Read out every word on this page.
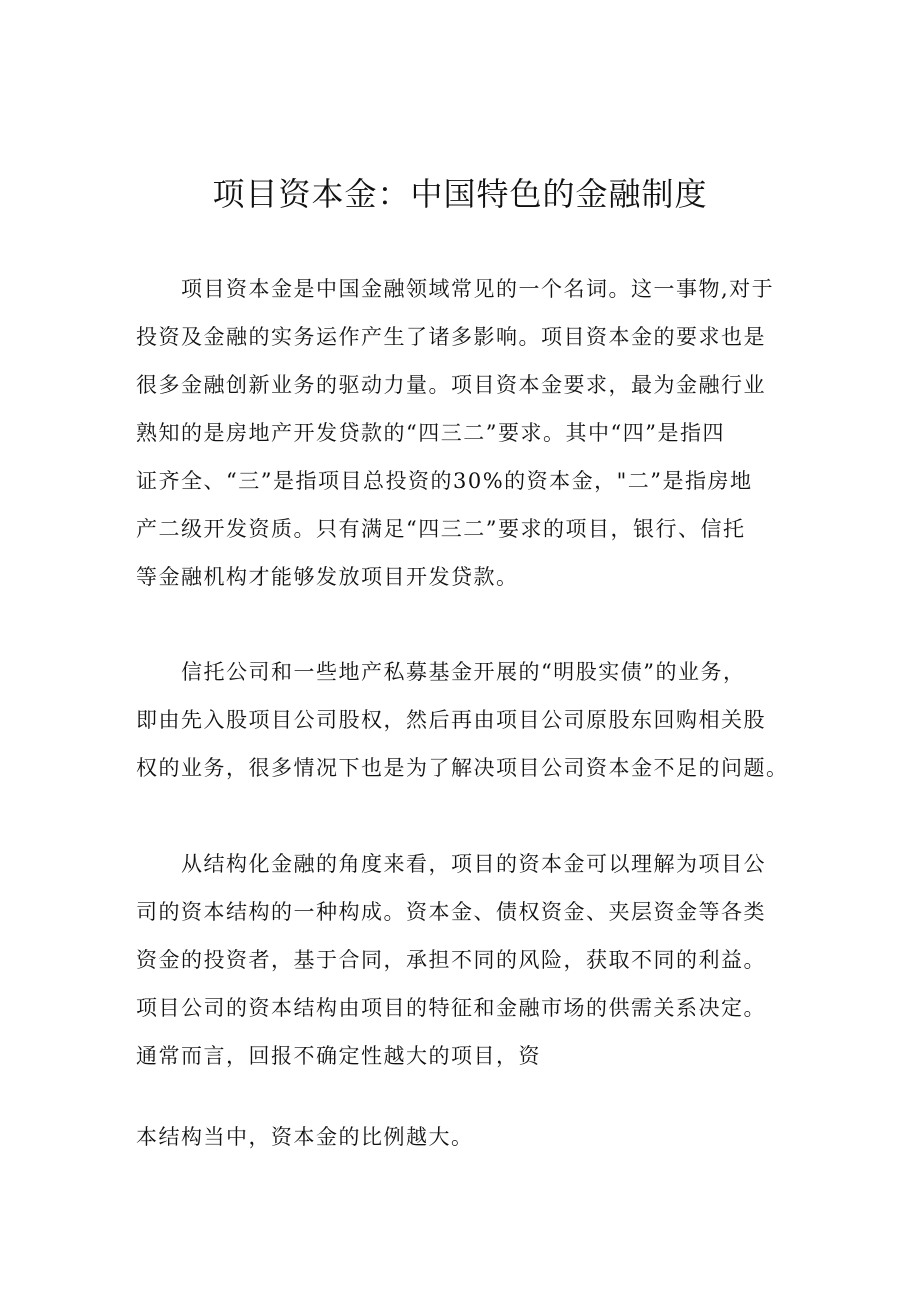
项目资本金：中国特色的金融制度

　　项目资本金是中国金融领域常见的一个名词。这一事物,对于
投资及金融的实务运作产生了诸多影响。项目资本金的要求也是
很多金融创新业务的驱动力量。项目资本金要求，最为金融行业
熟知的是房地产开发贷款的“四三二”要求。其中“四”是指四
证齐全、“三”是指项目总投资的30%的资本金，"二”是指房地
产二级开发资质。只有满足“四三二”要求的项目，银行、信托
等金融机构才能够发放项目开发贷款。

　　信托公司和一些地产私募基金开展的“明股实债”的业务，
即由先入股项目公司股权，然后再由项目公司原股东回购相关股
权的业务，很多情况下也是为了解决项目公司资本金不足的问题。

　　从结构化金融的角度来看，项目的资本金可以理解为项目公
司的资本结构的一种构成。资本金、债权资金、夹层资金等各类
资金的投资者，基于合同，承担不同的风险，获取不同的利益。
项目公司的资本结构由项目的特征和金融市场的供需关系决定。
通常而言，回报不确定性越大的项目，资

本结构当中，资本金的比例越大。
